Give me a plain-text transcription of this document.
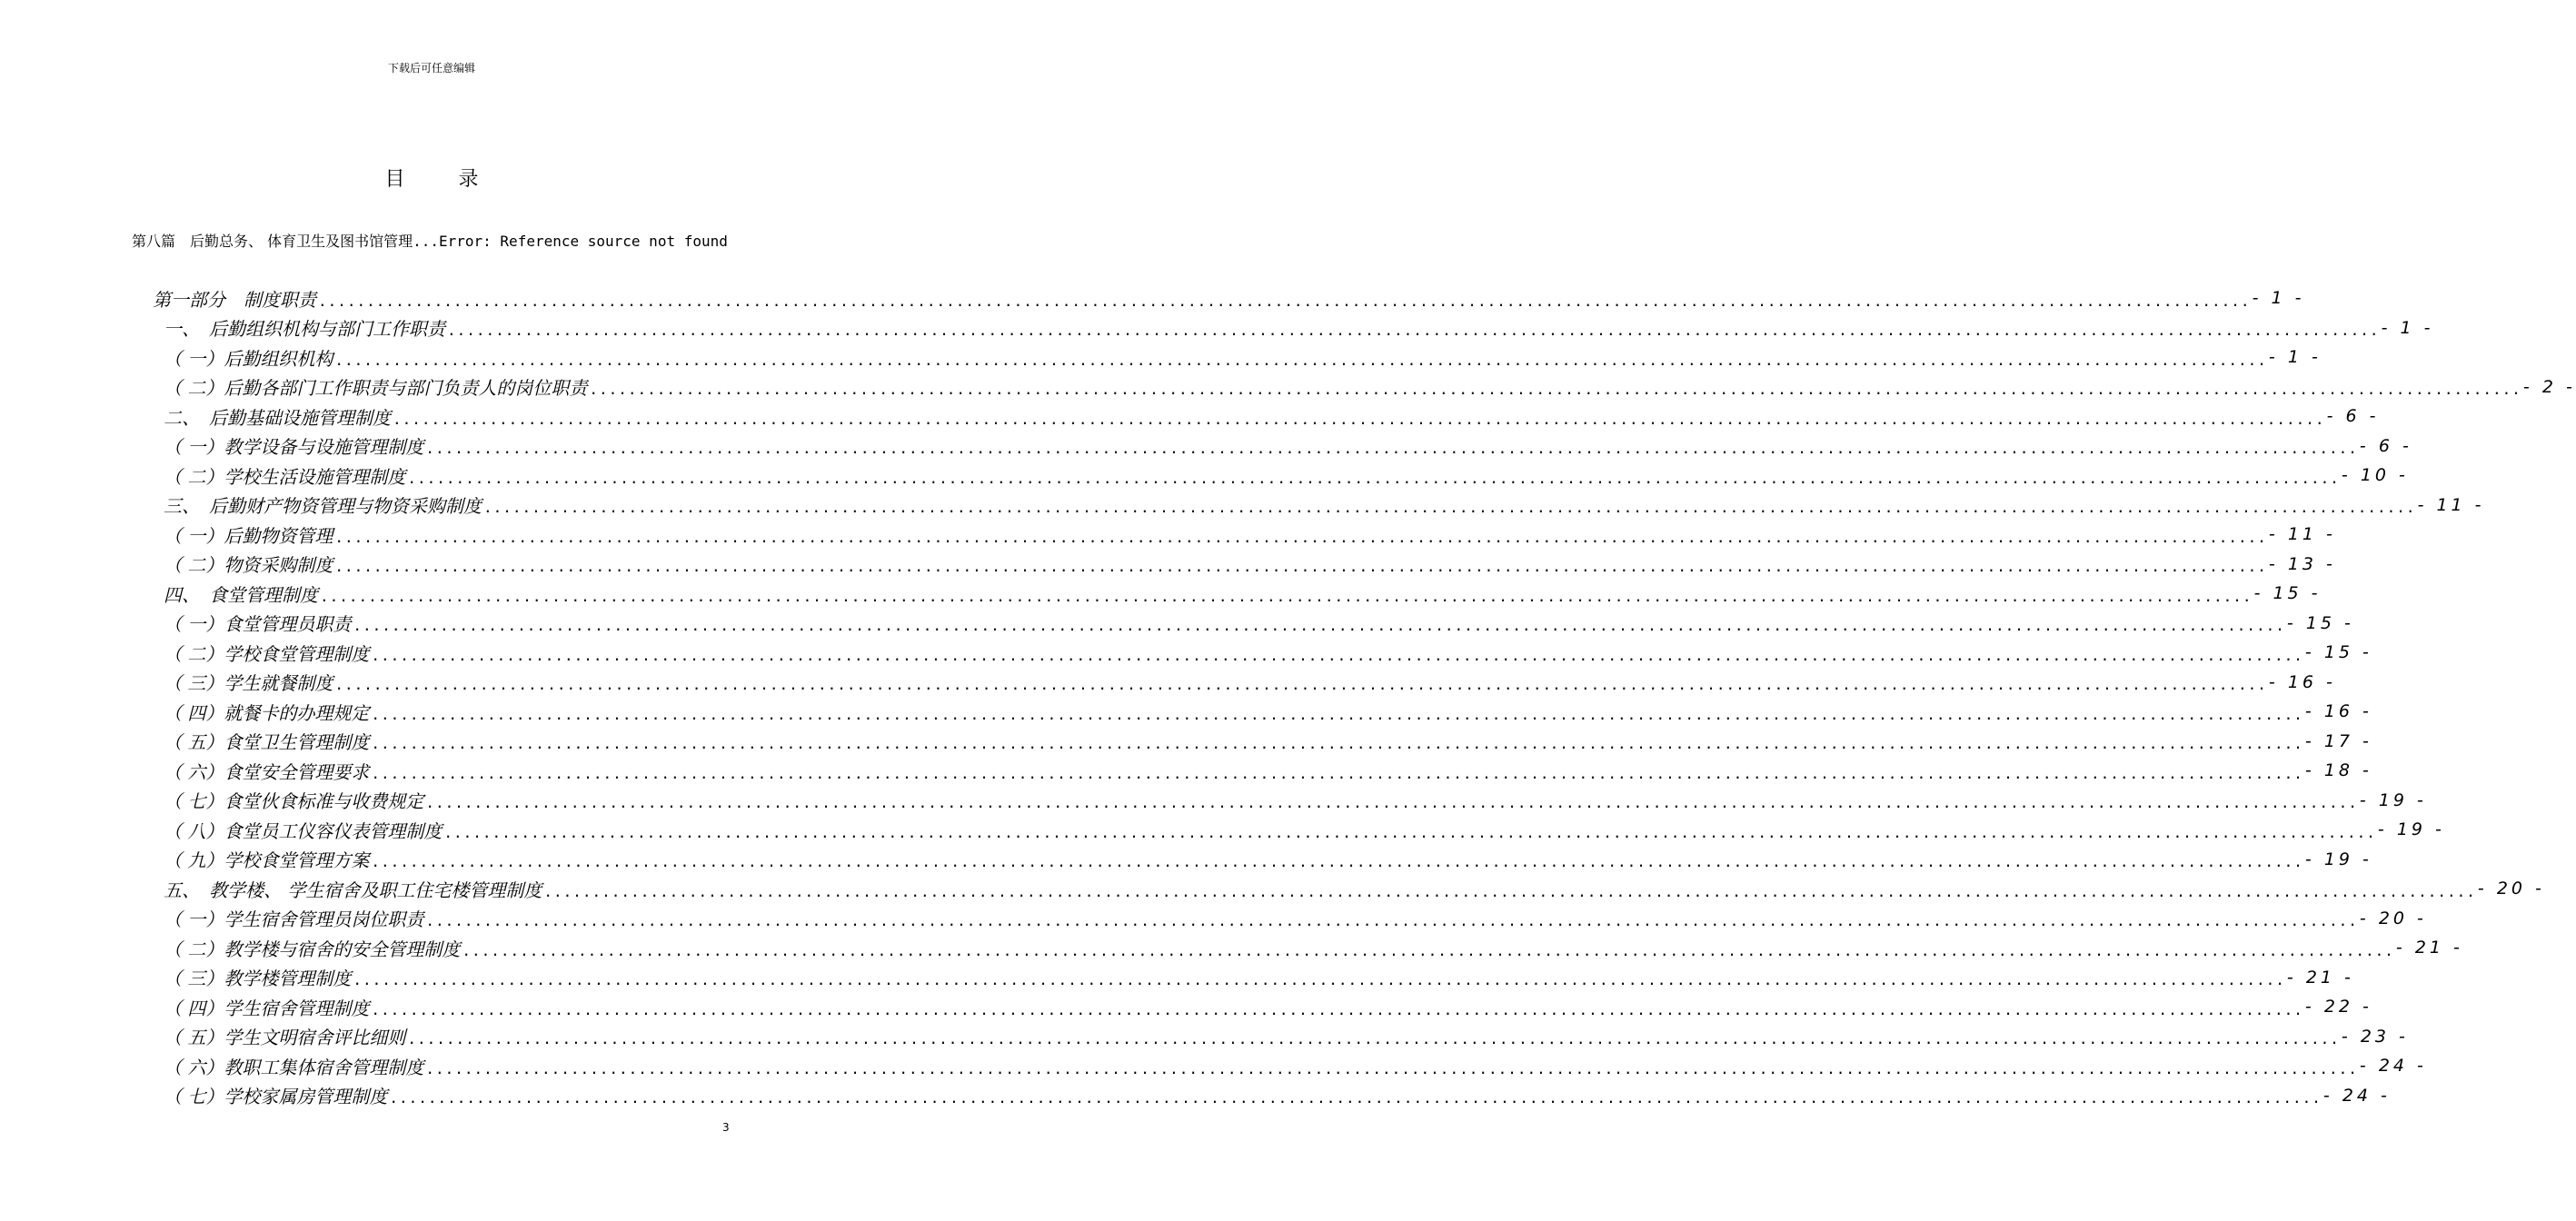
下载后可任意编辑
目 录
第八篇　后勤总务、 体育卫生及图书馆管理...Error: Reference source not found
第一部分　制度职责 ........................................................................................................................................................................................................ - 1 -
一、　后勤组织机构与部门工作职责 ........................................................................................................................................................................................................ - 1 -
（ 一）后勤组织机构 ........................................................................................................................................................................................................ - 1 -
（ 二）后勤各部门工作职责与部门负责人的岗位职责 ........................................................................................................................................................................................................ - 2 -
二、　后勤基础设施管理制度 ........................................................................................................................................................................................................ - 6 -
（ 一）教学设备与设施管理制度 ........................................................................................................................................................................................................ - 6 -
（ 二）学校生活设施管理制度 ........................................................................................................................................................................................................ - 10 -
三、　后勤财产物资管理与物资采购制度 ........................................................................................................................................................................................................ - 11 -
（ 一）后勤物资管理 ........................................................................................................................................................................................................ - 11 -
（ 二）物资采购制度 ........................................................................................................................................................................................................ - 13 -
四、　食堂管理制度 ........................................................................................................................................................................................................ - 15 -
（ 一）食堂管理员职责 ........................................................................................................................................................................................................ - 15 -
（ 二）学校食堂管理制度 ........................................................................................................................................................................................................ - 15 -
（ 三）学生就餐制度 ........................................................................................................................................................................................................ - 16 -
（ 四）就餐卡的办理规定 ........................................................................................................................................................................................................ - 16 -
（ 五）食堂卫生管理制度 ........................................................................................................................................................................................................ - 17 -
（ 六）食堂安全管理要求 ........................................................................................................................................................................................................ - 18 -
（ 七）食堂伙食标准与收费规定 ........................................................................................................................................................................................................ - 19 -
（ 八）食堂员工仪容仪表管理制度 ........................................................................................................................................................................................................ - 19 -
（ 九）学校食堂管理方案 ........................................................................................................................................................................................................ - 19 -
五、　教学楼、 学生宿舍及职工住宅楼管理制度 ........................................................................................................................................................................................................ - 20 -
（ 一）学生宿舍管理员岗位职责 ........................................................................................................................................................................................................ - 20 -
（ 二）教学楼与宿舍的安全管理制度 ........................................................................................................................................................................................................ - 21 -
（ 三）教学楼管理制度 ........................................................................................................................................................................................................ - 21 -
（ 四）学生宿舍管理制度 ........................................................................................................................................................................................................ - 22 -
（ 五）学生文明宿舍评比细则 ........................................................................................................................................................................................................ - 23 -
（ 六）教职工集体宿舍管理制度 ........................................................................................................................................................................................................ - 24 -
（ 七）学校家属房管理制度 ........................................................................................................................................................................................................ - 24 -
3
